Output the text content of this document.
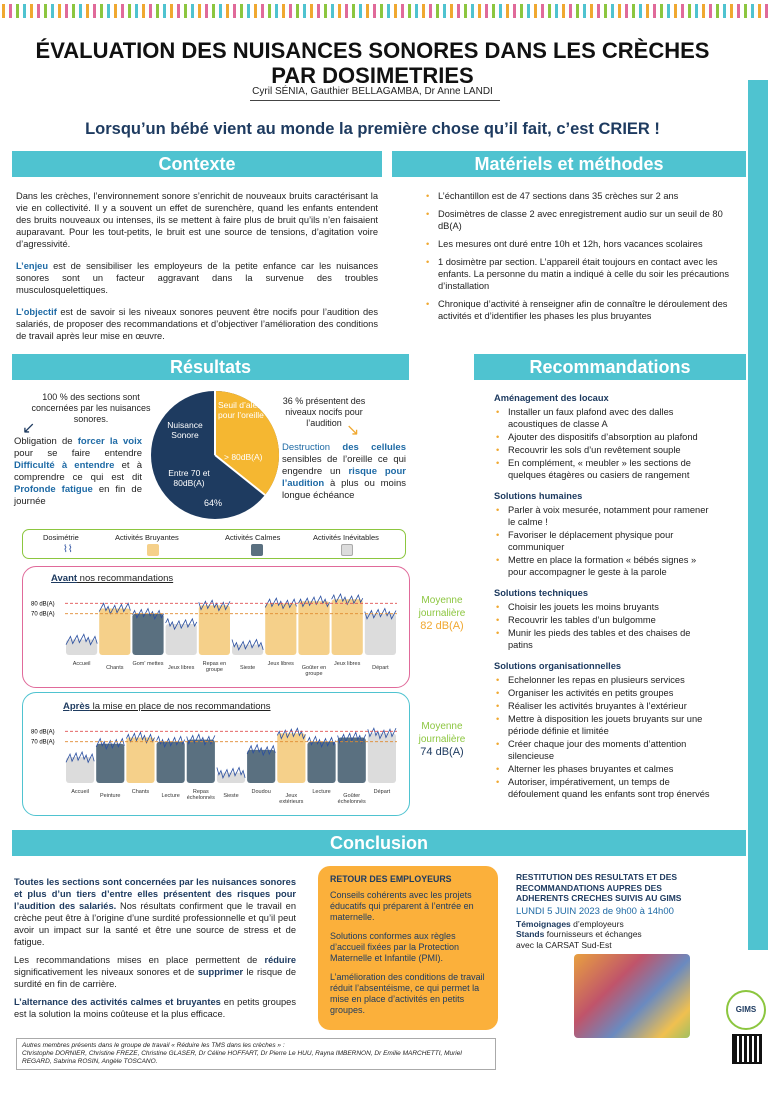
ÉVALUATION DES NUISANCES SONORES DANS LES CRÈCHES PAR DOSIMETRIES
Cyril SÉNIA, Gauthier BELLAGAMBA, Dr Anne LANDI
Lorsqu’un bébé vient au monde la première chose qu’il fait, c’est CRIER !
Contexte

Dans les crèches, l’environnement sonore s’enrichit de nouveaux bruits caractérisant la vie en collectivité. Il y a souvent un effet de surenchère, quand les enfants entendent des bruits nouveaux ou intenses, ils se mettent à faire plus de bruit qu’ils n’en faisaient auparavant. Pour les tout-petits, le bruit est une source de tensions, d’agitation voire d’agressivité.

L’enjeu est de sensibiliser les employeurs de la petite enfance car les nuisances sonores sont un facteur aggravant dans la survenue des troubles musculosquelettiques.

L’objectif est de savoir si les niveaux sonores peuvent être nocifs pour l’audition des salariés, de proposer des recommandations et d’objectiver l’amélioration des conditions de travail après leur mise en œuvre.

Matériels et méthodes
• L’échantillon est de 47 sections dans 35 crèches sur 2 ans
• Dosimètres de classe 2 avec enregistrement audio sur un seuil de 80 dB(A)
• Les mesures ont duré entre 10h et 12h, hors vacances scolaires
• 1 dosimètre par section. L’appareil était toujours en contact avec les enfants. La personne du matin a indiqué à celle du soir les précautions d’installation
• Chronique d’activité à renseigner afin de connaître le déroulement des activités et d’identifier les phases les plus bruyantes
Résultats
100 % des sections sont concernées par les nuisances sonores.
↙
Obligation de forcer la voix pour se faire entendre Difficulté à entendre et à comprendre ce qui est dit Profonde fatigue en fin de journée
Nuisance Sonore
Seuil d’alerte pour l’oreille
> 80dB(A)
Entre 70 et 80dB(A)
64%
36 % présentent des niveaux nocifs pour l’audition ↘
Destruction des cellules sensibles de l’oreille ce qui engendre un risque pour l’audition à plus ou moins longue échéance
Dosimétrie
⌇⌇
Activités Bruyantes	Activités Calmes	Activités Inévitables
Avant nos recommandations
80 dB(A)
70 dB(A)
Accueil
Chants
Gom' mettes
Jeux libres
Repas en groupe	Sieste
Jeux libres
Goûter en groupe
Jeux libres
Départ
Moyenne journalière
82 dB(A)
Après la mise en place de nos recommandations
80 dB(A)
70 dB(A)
Accueil
Peinture
Chants
Lecture
Repas échelonnés	Sieste
Doudou
Jeux extérieurs
Lecture
Goûter échelonnés
Départ
Moyenne journalière
74 dB(A)
Recommandations
Aménagement des locaux
• Installer un faux plafond avec des dalles acoustiques de classe A
• Ajouter des dispositifs d’absorption au plafond
• Recouvrir les sols d’un revêtement souple
• En complément, « meubler » les sections de quelques étagères ou casiers de rangement
Solutions humaines
• Parler à voix mesurée, notamment pour ramener le calme !
• Favoriser le déplacement physique pour communiquer
• Mettre en place la formation « bébés signes » pour accompagner le geste à la parole
Solutions techniques
• Choisir les jouets les moins bruyants
• Recouvrir les tables d’un bulgomme
• Munir les pieds des tables et des chaises de patins
Solutions organisationnelles
• Echelonner les repas en plusieurs services
• Organiser les activités en petits groupes
• Réaliser les activités bruyantes à l’extérieur
• Mettre à disposition les jouets bruyants sur une période définie et limitée
• Créer chaque jour des moments d’attention silencieuse
• Alterner les phases bruyantes et calmes
• Autoriser, impérativement, un temps de défoulement quand les enfants sont trop énervés
Conclusion

Toutes les sections sont concernées par les nuisances sonores et plus d’un tiers d’entre elles présentent des risques pour l’audition des salariés. Nos résultats confirment que le travail en crèche peut être à l’origine d’une surdité professionnelle et qu’il peut avoir un impact sur la santé et être une source de stress et de fatigue.

Les recommandations mises en place permettent de réduire significativement les niveaux sonores et de supprimer le risque de surdité en fin de carrière.

L’alternance des activités calmes et bruyantes en petits groupes est la solution la moins coûteuse et la plus efficace.

RETOUR DES EMPLOYEURS

Conseils cohérents avec les projets éducatifs qui préparent à l’entrée en maternelle.

Solutions conformes aux règles d’accueil fixées par la Protection Maternelle et Infantile (PMI).

L’amélioration des conditions de travail réduit l’absentéisme, ce qui permet la mise en place d’activités en petits groupes.

RESTITUTION DES RESULTATS ET DES RECOMMANDATIONS AUPRES DES ADHERENTS CRECHES SUIVIS AU GIMS
LUNDI 5 JUIN 2023 de 9h00 à 14h00
Témoignages d’employeurs
Stands fournisseurs et échanges
avec la CARSAT Sud-Est
GIMS
Autres membres présents dans le groupe de travail « Réduire les TMS dans les crèches » :
Christophe DORNIER, Christine FREZE, Christine GLASER, Dr Céline HOFFART, Dr Pierre Le HUU, Rayna IMBERNON, Dr Emilie MARCHETTI, Muriel REGARD, Sabrina ROSIN, Angèle TOSCANO.
